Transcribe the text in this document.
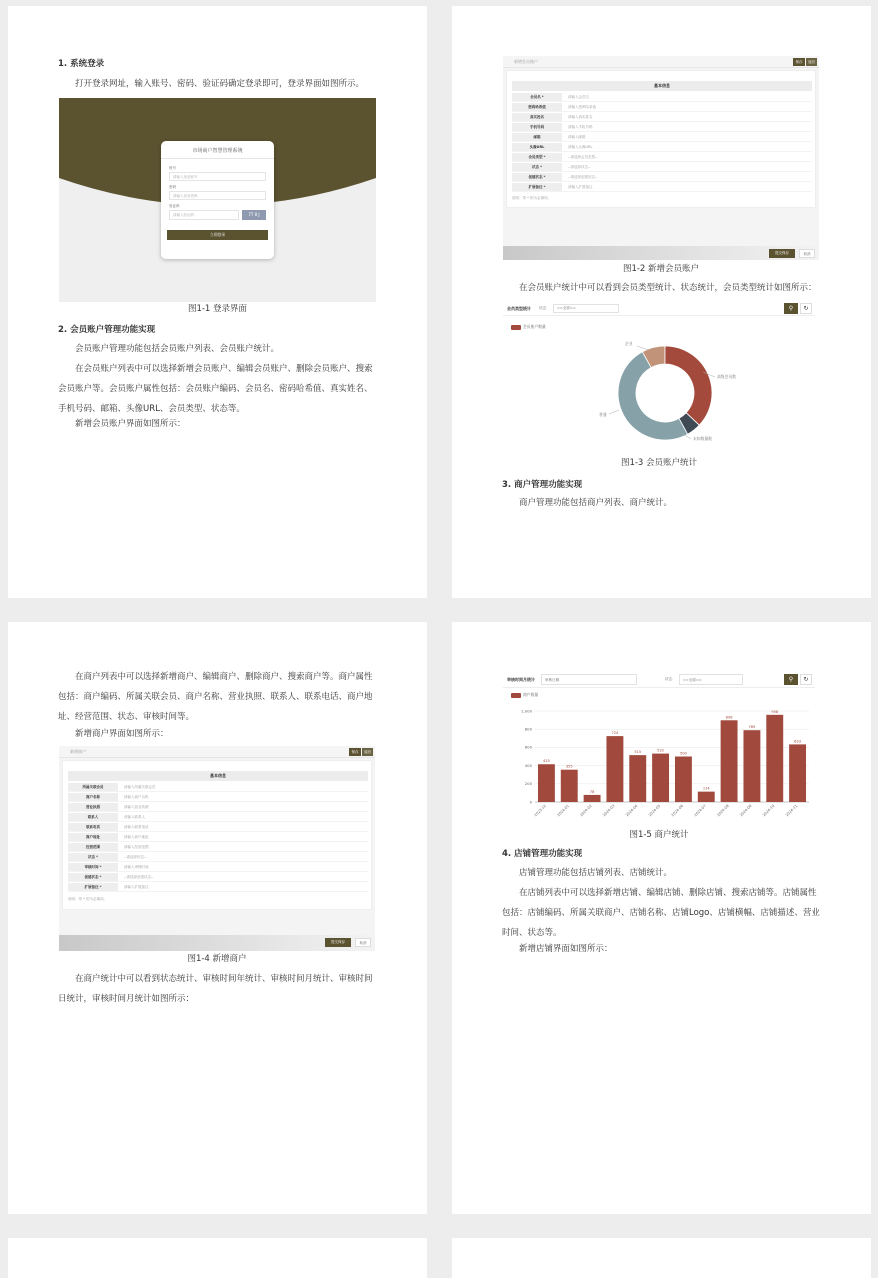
1. 系统登录
打开登录网址，输入账号、密码、验证码确定登录即可，登录界面如图所示。
市场商户智慧管理系统
账号
请输入登录账号
密码
请输入登录密码
验证码
请输入验证码	7T 8 J
立即登录
图1-1 登录界面
2. 会员账户管理功能实现
会员账户管理功能包括会员账户列表、会员账户统计。
在会员账户列表中可以选择新增会员账户、编辑会员账户、删除会员账户、搜索会员账户等。会员账户属性包括：会员账户编码、会员名、密码哈希值、真实姓名、手机号码、邮箱、头像URL、会员类型、状态等。
新增会员账户界面如图所示：
新增会员账户	保存	返回
基本信息
会员名 *	请输入会员名
密码哈希值	请输入密码哈希值
真实姓名	请输入真实姓名
手机号码	请输入手机号码
邮箱	请输入邮箱
头像URL	请输入头像URL
会员类型 *	--请选择会员类型--
状态 *	--请选择状态--
创建状态 *	--请选择创建状态--
扩展备注 *	请输入扩展备注
说明：带 * 的为必填项。
提交保存	取消
图1-2 新增会员账户
在会员账户统计中可以看到会员类型统计、状态统计，会员类型统计如图所示：
会员类型统计 状态： ==全部==	⚲	↻
会员账户数量
企业
高级会员数
普通
未知数量数
图1-3 会员账户统计
3. 商户管理功能实现
商户管理功能包括商户列表、商户统计。
在商户列表中可以选择新增商户、编辑商户、删除商户、搜索商户等。商户属性包括：商户编码、所属关联会员、商户名称、营业执照、联系人、联系电话、商户地址、经营范围、状态、审核时间等。
新增商户界面如图所示：
新增商户	保存	返回
基本信息
所属关联会员	请输入所属关联会员
商户名称	请输入商户名称
营业执照	请输入营业执照
联系人	请输入联系人
联系电话	请输入联系电话
商户地址	请输入商户地址
经营范围	请输入经营范围
状态 *	--请选择状态--
审核时间 *	请输入审核时间
创建状态 *	--请选择创建状态--
扩展备注 *	请输入扩展备注
说明：带 * 的为必填项。
提交保存	取消
图1-4 新增商户
在商户统计中可以看到状态统计、审核时间年统计、审核时间月统计、审核时间日统计，审核时间月统计如图所示：
审核时间月统计	审核日期：	状态： ==全部==	⚲	↻
商户数量
0
200
400
600
800
1,000
415
2023-12
355
2024-01
78
2024-02
724
2024-03
515
2024-04
532
2024-05
500
2024-06
114
2024-07
898
2024-08
789
2024-09
958
2024-10
633
2024-11
图1-5 商户统计
4. 店铺管理功能实现
店铺管理功能包括店铺列表、店铺统计。
在店铺列表中可以选择新增店铺、编辑店铺、删除店铺、搜索店铺等。店铺属性包括：店铺编码、所属关联商户、店铺名称、店铺Logo、店铺横幅、店铺描述、营业时间、状态等。
新增店铺界面如图所示：
